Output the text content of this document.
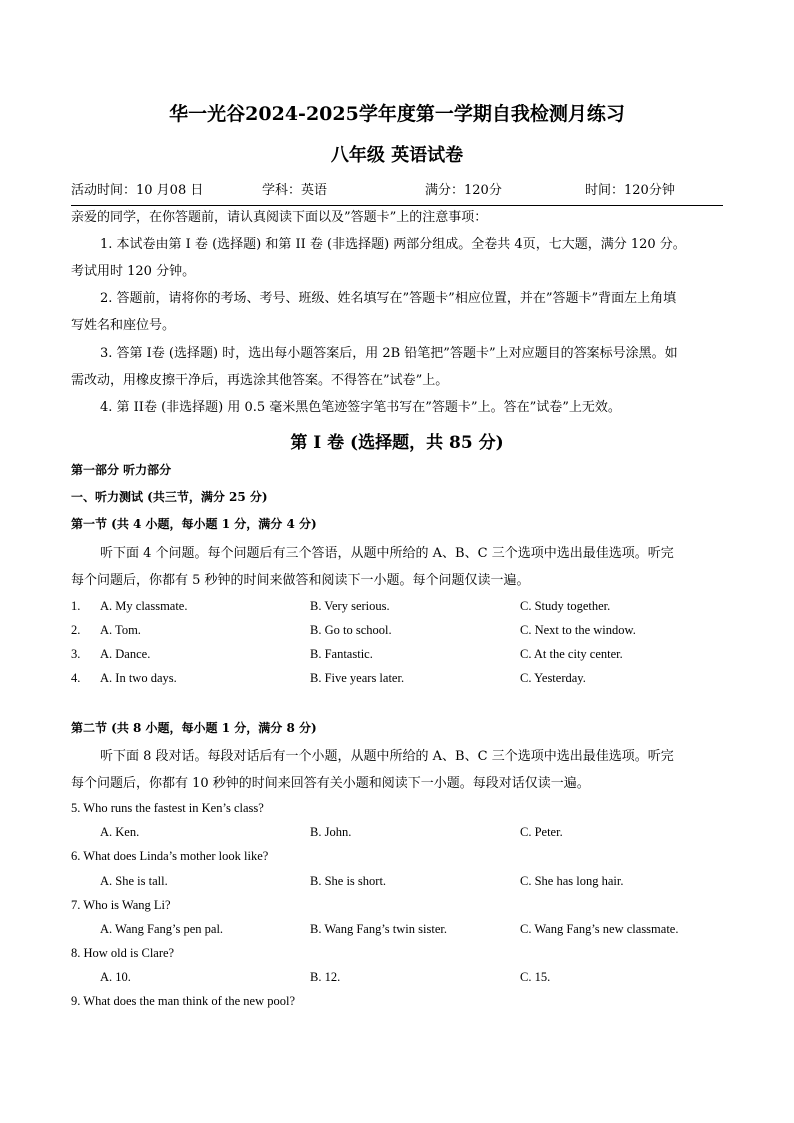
华一光谷2024-2025学年度第一学期自我检测月练习
八年级 英语试卷
活动时间：10 月08 日	学科：英语	满分：120分	时间：120分钟
亲爱的同学，在你答题前，请认真阅读下面以及”答题卡”上的注意事项：
1. 本试卷由第 I 卷 (选择题) 和第 II 卷 (非选择题) 两部分组成。全卷共 4页，七大题，满分 120 分。
考试用时 120 分钟。
2. 答题前，请将你的考场、考号、班级、姓名填写在”答题卡”相应位置，并在”答题卡”背面左上角填
写姓名和座位号。
3. 答第 I卷 (选择题) 时，选出每小题答案后，用 2B 铅笔把”答题卡”上对应题目的答案标号涂黑。如
需改动，用橡皮擦干净后，再选涂其他答案。不得答在”试卷”上。
4. 第 II卷 (非选择题) 用 0.5 毫米黑色笔迹签字笔书写在”答题卡”上。答在”试卷”上无效。
第 I 卷 (选择题，共 85 分)
第一部分 听力部分
一、听力测试 (共三节，满分 25 分)
第一节 (共 4 小题，每小题 1 分，满分 4 分)
听下面 4 个问题。每个问题后有三个答语，从题中所给的 A、B、C 三个选项中选出最佳选项。听完
每个问题后，你都有 5 秒钟的时间来做答和阅读下一小题。每个问题仅读一遍。
1. A. My classmate.	B. Very serious.	C. Study together.
2. A. Tom.	B. Go to school.	C. Next to the window.
3. A. Dance.	B. Fantastic.	C. At the city center.
4. A. In two days.	B. Five years later.	C. Yesterday.
第二节 (共 8 小题，每小题 1 分，满分 8 分)
听下面 8 段对话。每段对话后有一个小题，从题中所给的 A、B、C 三个选项中选出最佳选项。听完
每个问题后，你都有 10 秒钟的时间来回答有关小题和阅读下一小题。每段对话仅读一遍。
5. Who runs the fastest in Ken’s class?
A. Ken.	B. John.	C. Peter.
6. What does Linda’s mother look like?
A. She is tall.	B. She is short.	C. She has long hair.
7. Who is Wang Li?
A. Wang Fang’s pen pal.	B. Wang Fang’s twin sister.	C. Wang Fang’s new classmate.
8. How old is Clare?
A. 10.	B. 12.	C. 15.
9. What does the man think of the new pool?
